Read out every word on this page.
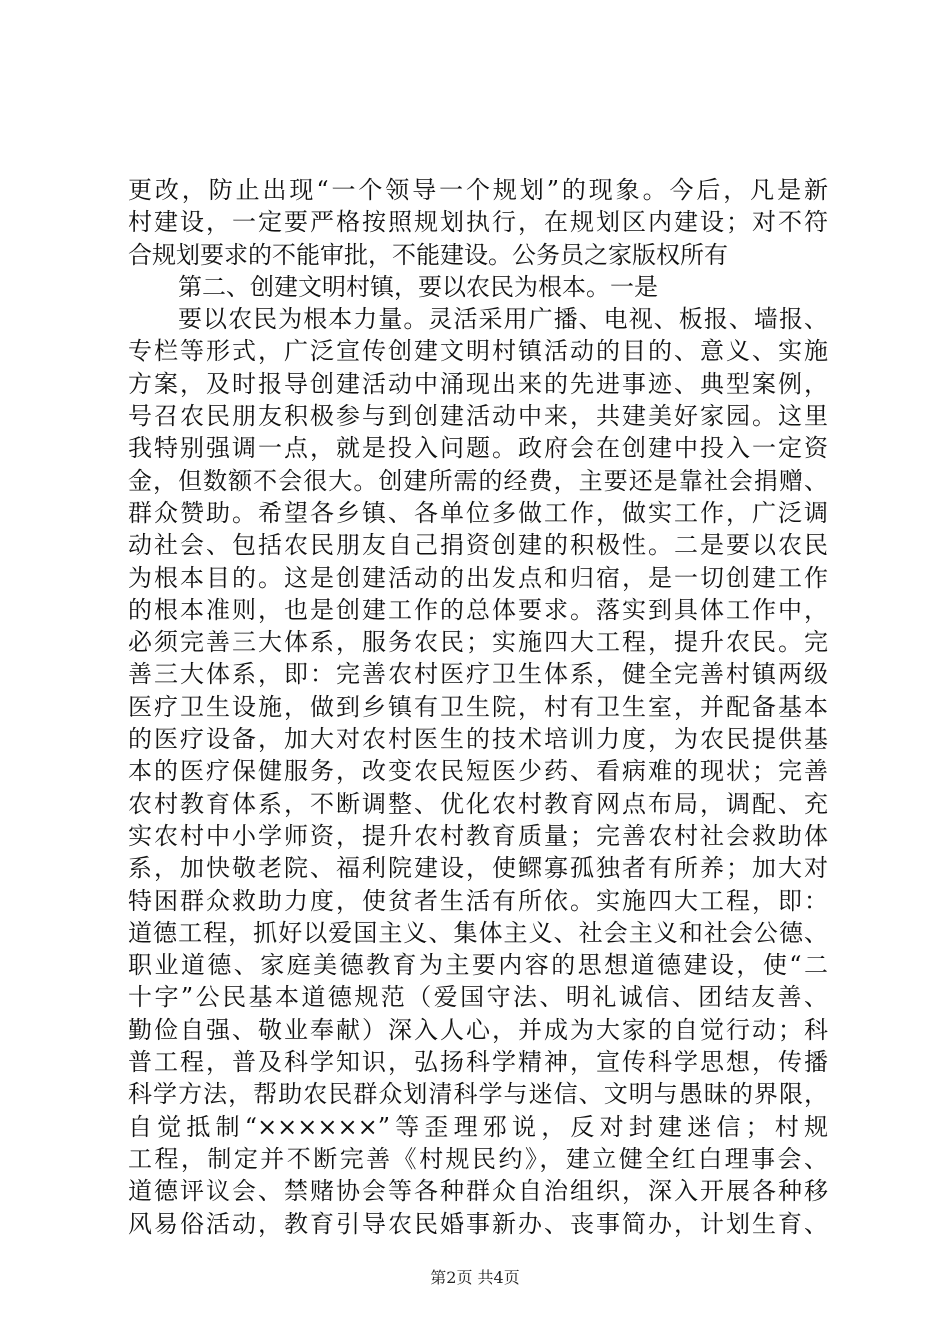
更改，防止出现“一个领导一个规划”的现象。今后，凡是新
村建设，一定要严格按照规划执行，在规划区内建设；对不符
合规划要求的不能审批，不能建设。公务员之家版权所有
第二、创建文明村镇，要以农民为根本。一是
要以农民为根本力量。灵活采用广播、电视、板报、墙报、
专栏等形式，广泛宣传创建文明村镇活动的目的、意义、实施
方案，及时报导创建活动中涌现出来的先进事迹、典型案例，
号召农民朋友积极参与到创建活动中来，共建美好家园。这里
我特别强调一点，就是投入问题。政府会在创建中投入一定资
金，但数额不会很大。创建所需的经费，主要还是靠社会捐赠、
群众赞助。希望各乡镇、各单位多做工作，做实工作，广泛调
动社会、包括农民朋友自己捐资创建的积极性。二是要以农民
为根本目的。这是创建活动的出发点和归宿，是一切创建工作
的根本准则，也是创建工作的总体要求。落实到具体工作中，
必须完善三大体系，服务农民；实施四大工程，提升农民。完
善三大体系，即：完善农村医疗卫生体系，健全完善村镇两级
医疗卫生设施，做到乡镇有卫生院，村有卫生室，并配备基本
的医疗设备，加大对农村医生的技术培训力度，为农民提供基
本的医疗保健服务，改变农民短医少药、看病难的现状；完善
农村教育体系，不断调整、优化农村教育网点布局，调配、充
实农村中小学师资，提升农村教育质量；完善农村社会救助体
系，加快敬老院、福利院建设，使鳏寡孤独者有所养；加大对
特困群众救助力度，使贫者生活有所依。实施四大工程，即：
道德工程，抓好以爱国主义、集体主义、社会主义和社会公德、
职业道德、家庭美德教育为主要内容的思想道德建设，使“二
十字”公民基本道德规范（爱国守法、明礼诚信、团结友善、
勤俭自强、敬业奉献）深入人心，并成为大家的自觉行动；科
普工程，普及科学知识，弘扬科学精神，宣传科学思想，传播
科学方法，帮助农民群众划清科学与迷信、文明与愚昧的界限，
自觉抵制“××××××”等歪理邪说，反对封建迷信；村规
工程，制定并不断完善《村规民约》，建立健全红白理事会、
道德评议会、禁赌协会等各种群众自治组织，深入开展各种移
风易俗活动，教育引导农民婚事新办、丧事简办，计划生育、
第2页 共4页
